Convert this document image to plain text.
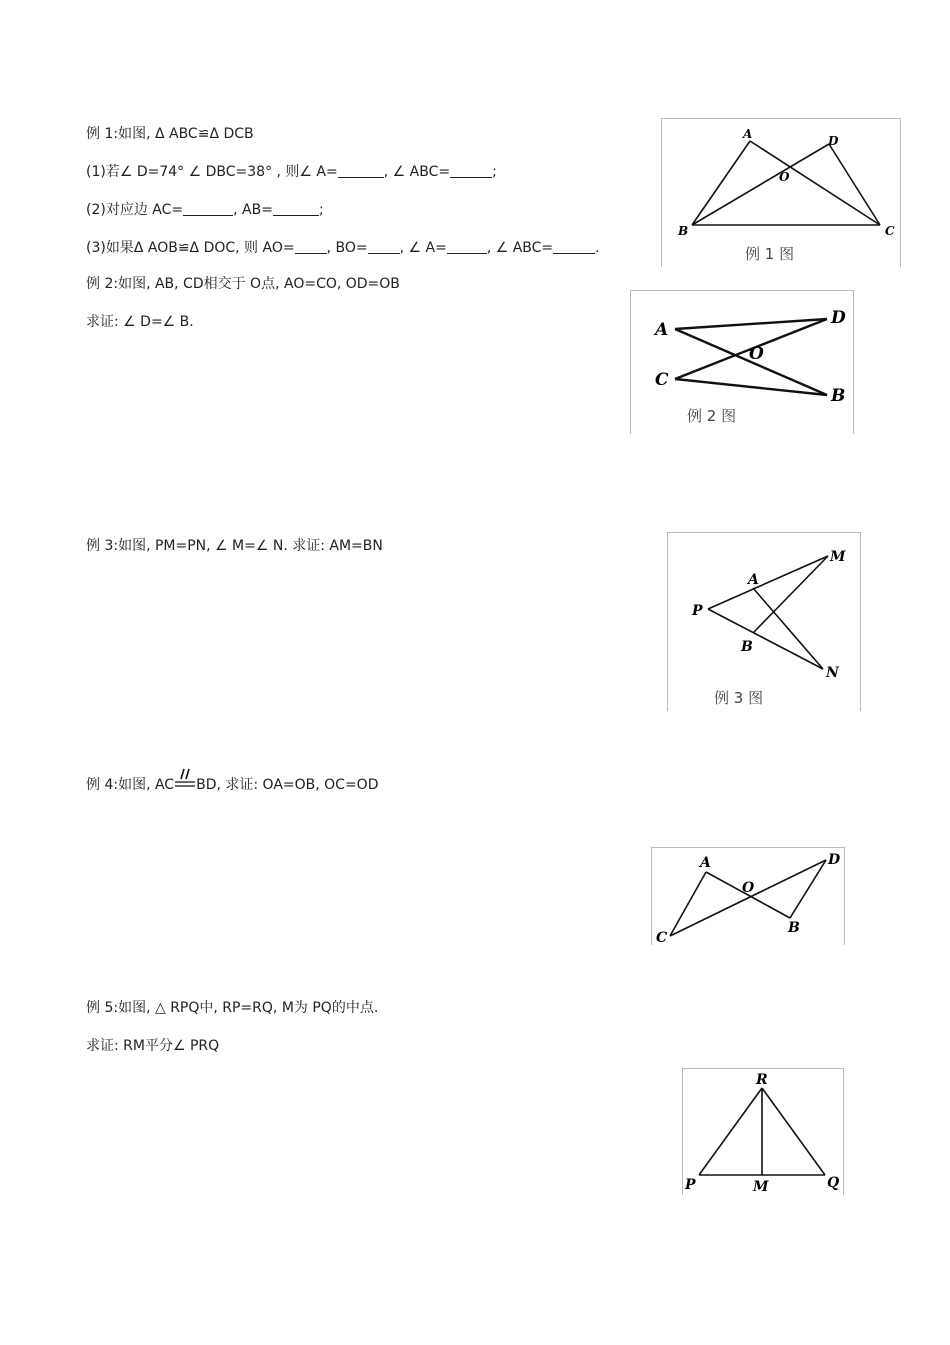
例 1:如图, Δ ABC≌Δ DCB
(1)若∠ D=74° ∠ DBC=38° , 则∠ A=	, ∠ ABC=	;
(2)对应边 AC=	, AB=	;
(3)如果Δ AOB≌Δ DOC, 则 AO= , BO= , ∠ A=	, ∠ ABC=	.
A	D
O
B	C
例 1 图
例 2:如图, AB, CD相交于 O点, AO=CO, OD=OB
求证: ∠ D=∠ B.	A
D
O
C
B
例 2 图
例 3:如图, PM=PN, ∠ M=∠ N. 求证: AM=BN
P
M
A
B
N
例 3 图
例 4:如图, AC BD, 求证: OA=OB, OC=OD
A	D
O
C
B
例 5:如图, △ RPQ中, RP=RQ, M为 PQ的中点.
求证: RM平分∠ PRQ
R
P	M	Q
